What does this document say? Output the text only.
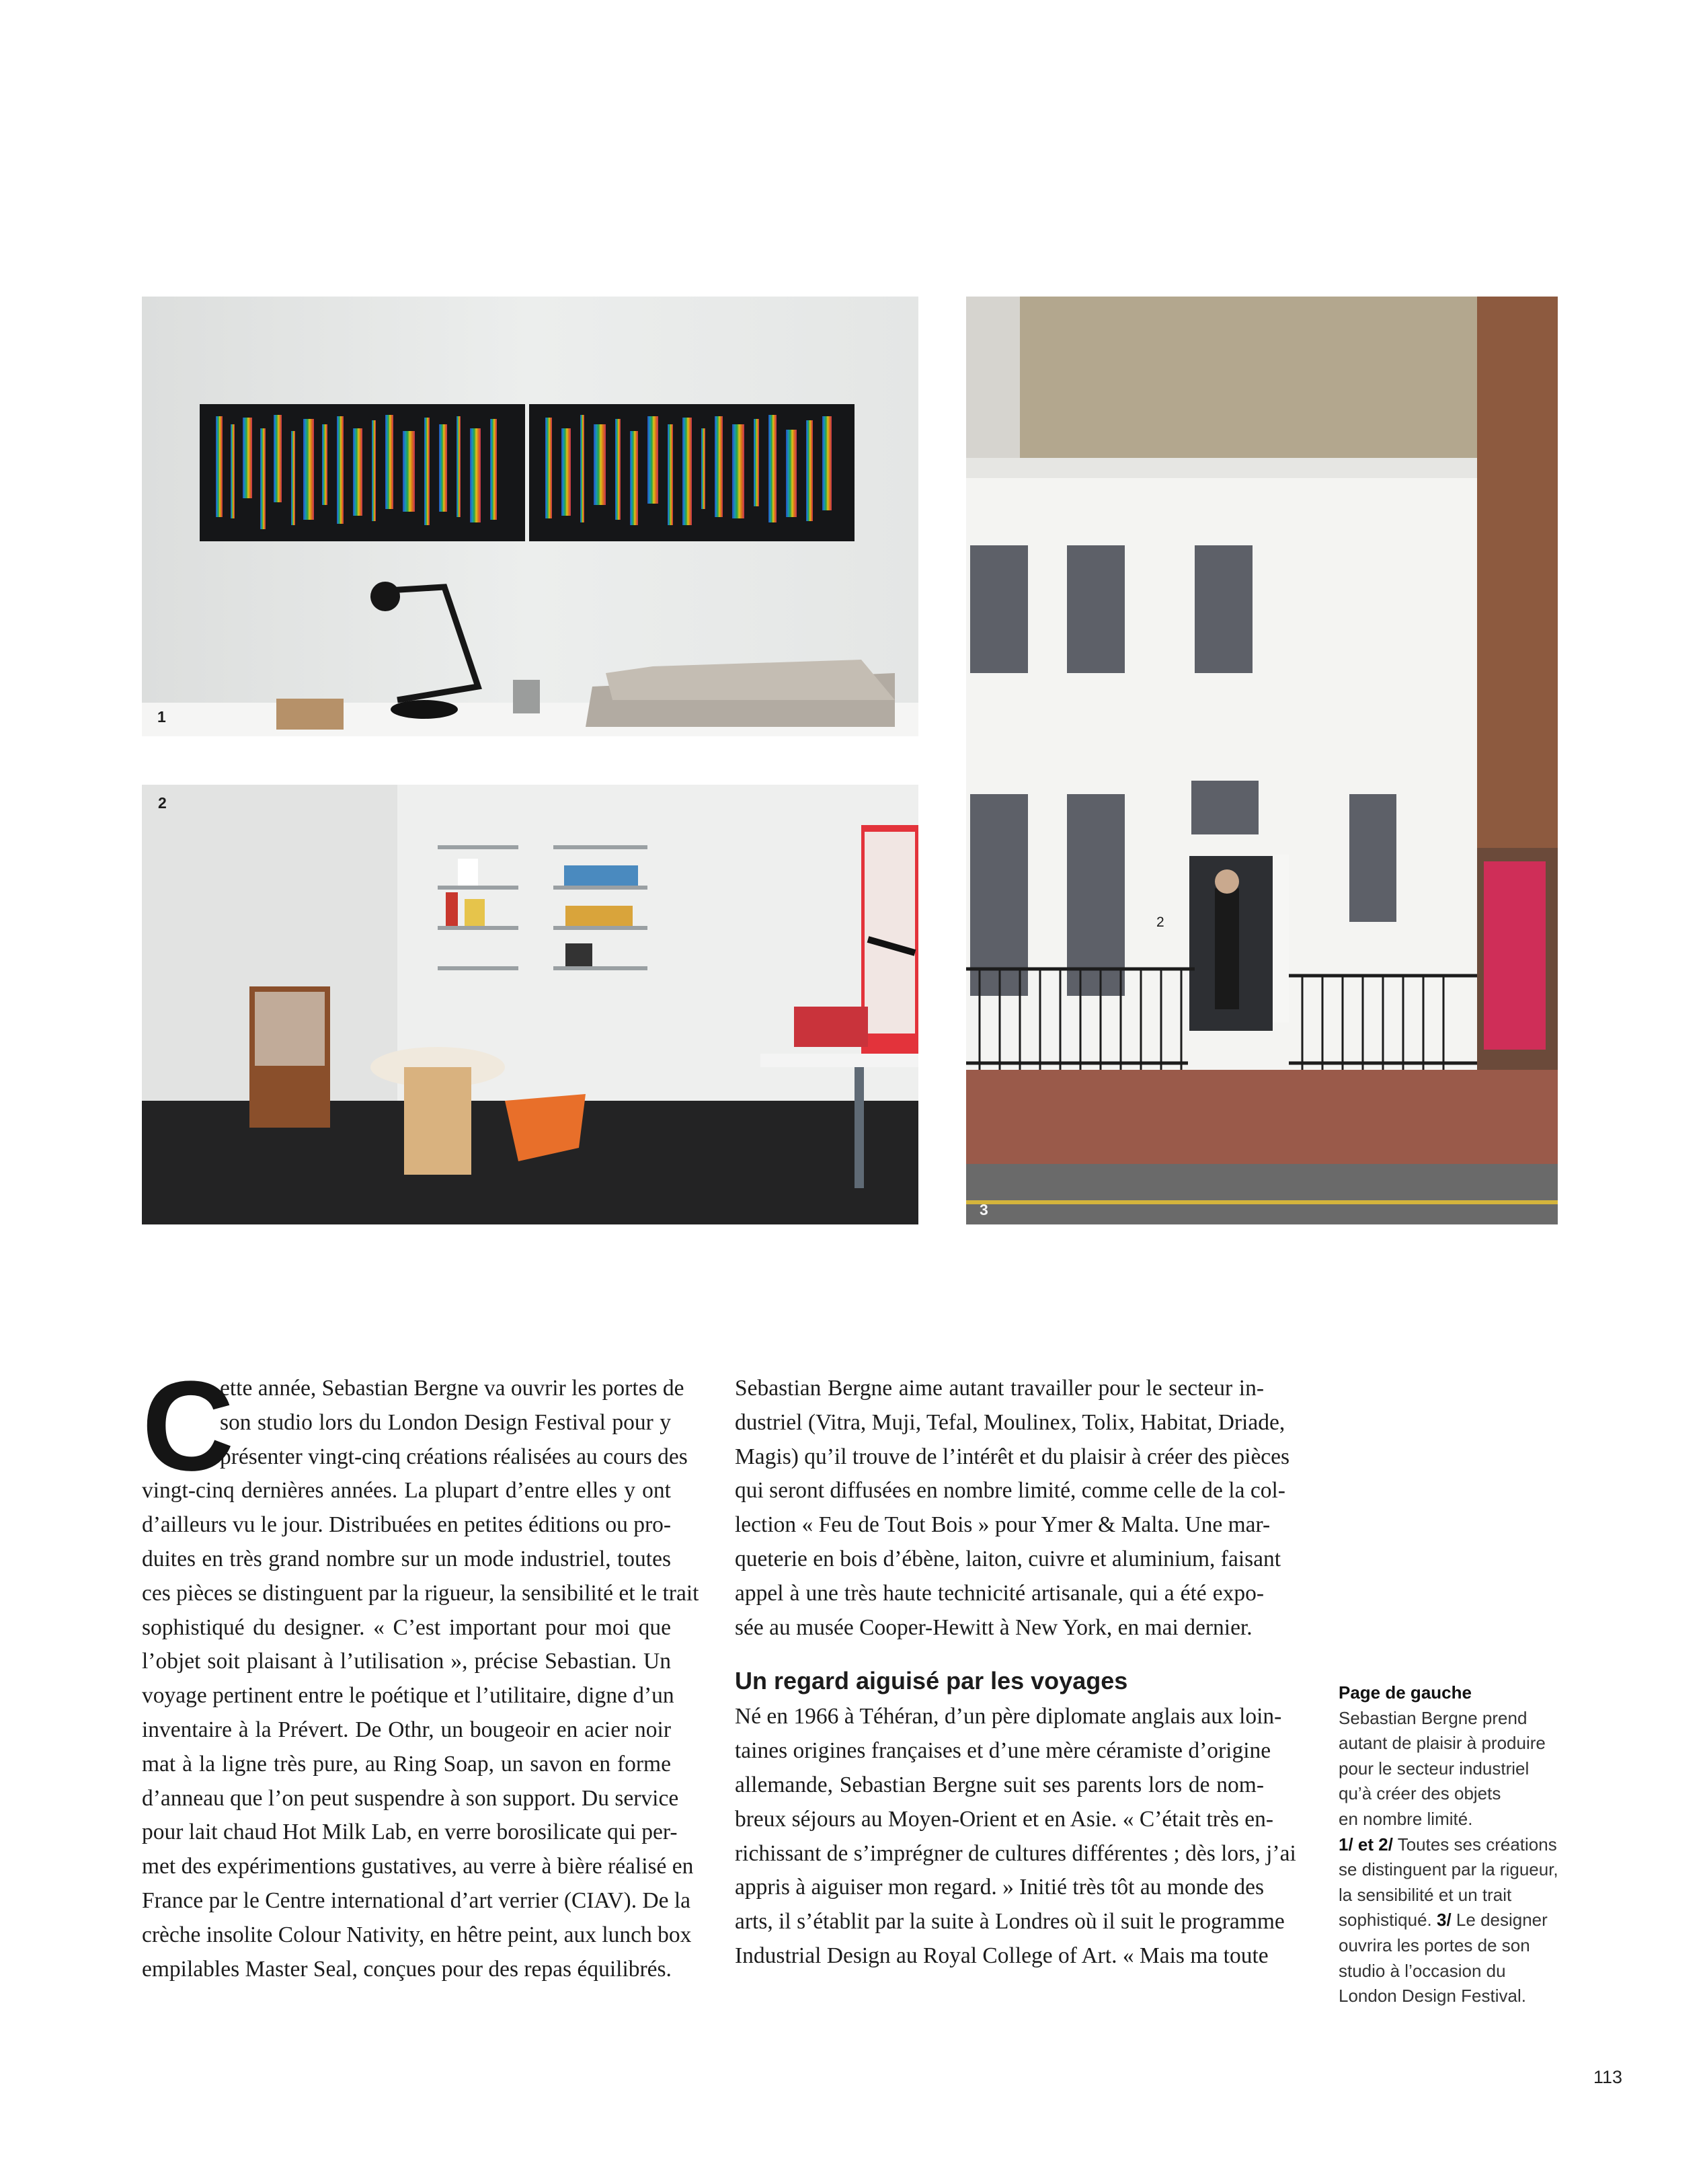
1
2
2
3
C

ette année, Sebastian Bergne va ouvrir les portes de
son studio lors du London Design Festival pour y
présenter vingt-cinq créations réalisées au cours des
vingt-cinq dernières années. La plupart d’entre elles y ont
d’ailleurs vu le jour. Distribuées en petites éditions ou pro-
duites en très grand nombre sur un mode industriel, toutes
ces pièces se distinguent par la rigueur, la sensibilité et le trait
sophistiqué du designer. « C’est important pour moi que
l’objet soit plaisant à l’utilisation », précise Sebastian. Un
voyage pertinent entre le poétique et l’utilitaire, digne d’un
inventaire à la Prévert. De Othr, un bougeoir en acier noir
mat à la ligne très pure, au Ring Soap, un savon en forme
d’anneau que l’on peut suspendre à son support. Du service
pour lait chaud Hot Milk Lab, en verre borosilicate qui per-
met des expérimentions gustatives, au verre à bière réalisé en
France par le Centre international d’art verrier (CIAV). De la
crèche insolite Colour Nativity, en hêtre peint, aux lunch box
empilables Master Seal, conçues pour des repas équilibrés.

Sebastian Bergne aime autant travailler pour le secteur in-
dustriel (Vitra, Muji, Tefal, Moulinex, Tolix, Habitat, Driade,
Magis) qu’il trouve de l’intérêt et du plaisir à créer des pièces
qui seront diffusées en nombre limité, comme celle de la col-
lection « Feu de Tout Bois » pour Ymer & Malta. Une mar-
queterie en bois d’ébène, laiton, cuivre et aluminium, faisant
appel à une très haute technicité artisanale, qui a été expo-
sée au musée Cooper-Hewitt à New York, en mai dernier.

Un regard aiguisé par les voyages

Né en 1966 à Téhéran, d’un père diplomate anglais aux loin-
taines origines françaises et d’une mère céramiste d’origine
allemande, Sebastian Bergne suit ses parents lors de nom-
breux séjours au Moyen-Orient et en Asie. « C’était très en-
richissant de s’imprégner de cultures différentes ; dès lors, j’ai
appris à aiguiser mon regard. » Initié très tôt au monde des
arts, il s’établit par la suite à Londres où il suit le programme
Industrial Design au Royal College of Art. « Mais ma toute

Page de gauche
Sebastian Bergne prend
autant de plaisir à produire
pour le secteur industriel
qu’à créer des objets
en nombre limité.
1/ et 2/ Toutes ses créations
se distinguent par la rigueur,
la sensibilité et un trait
sophistiqué. 3/ Le designer
ouvrira les portes de son
studio à l’occasion du
London Design Festival.
113
